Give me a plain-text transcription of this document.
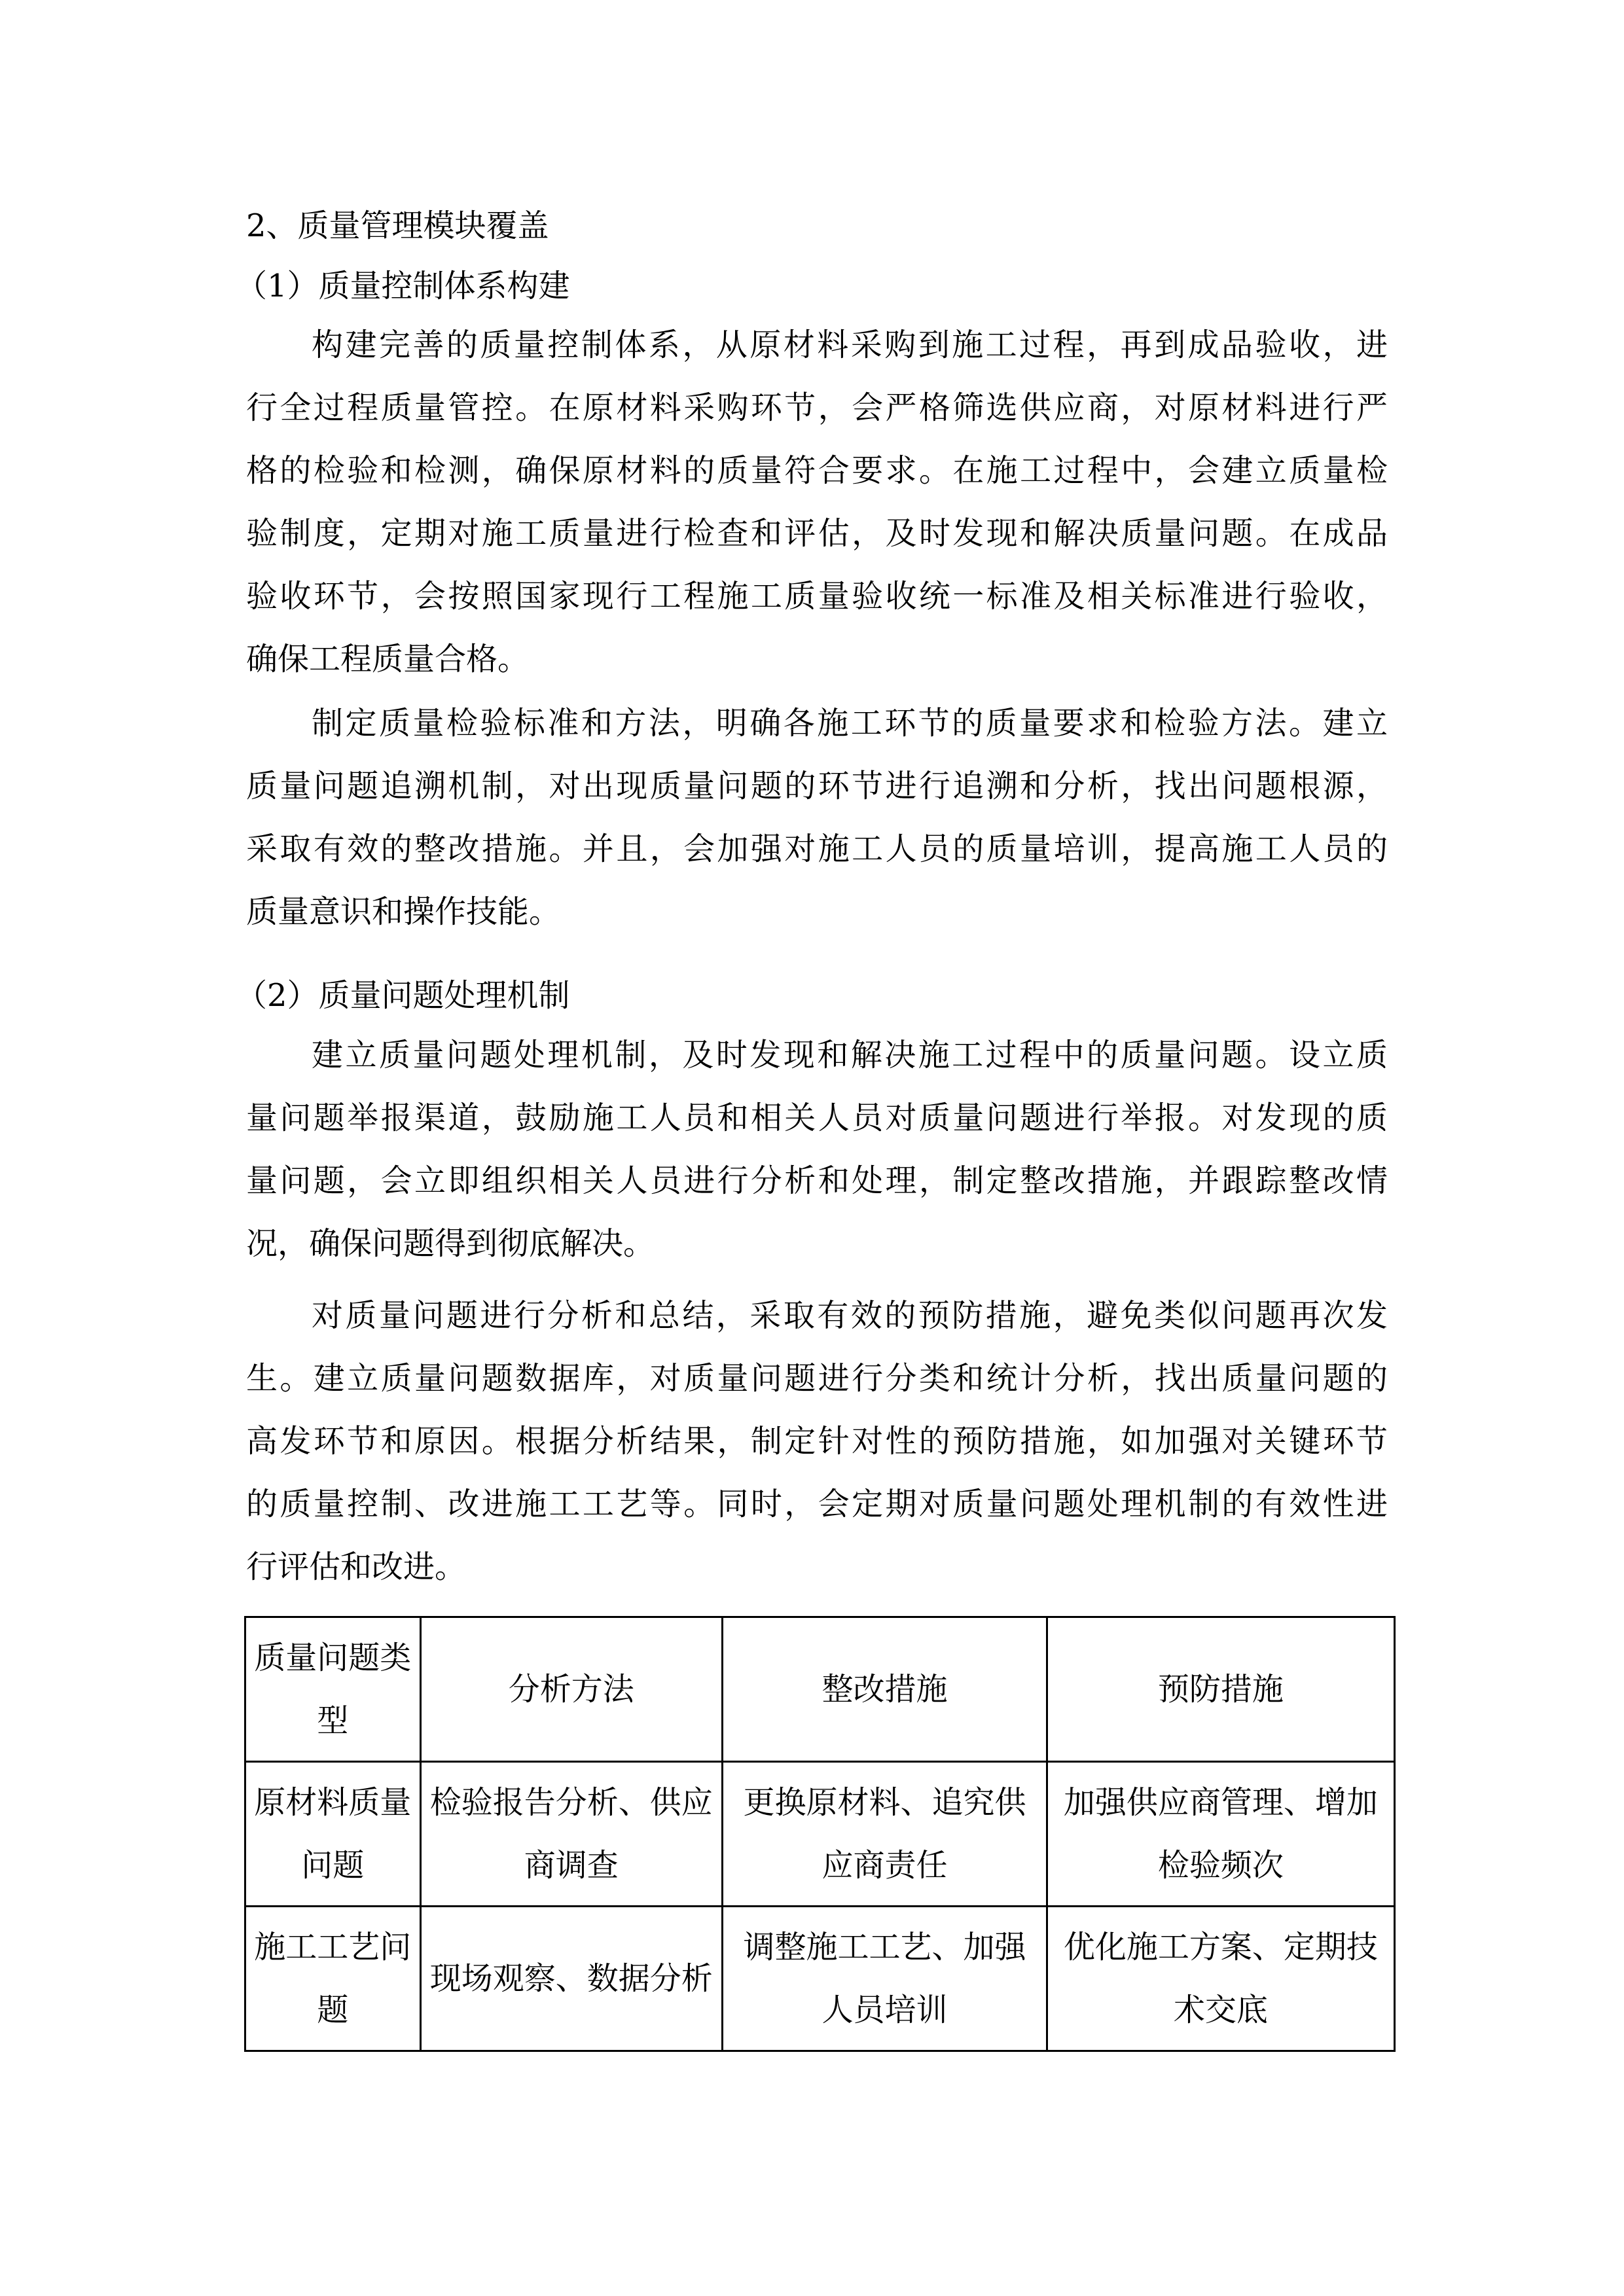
2、质量管理模块覆盖
（1）质量控制体系构建
构建完善的质量控制体系，从原材料采购到施工过程，再到成品验收，进
行全过程质量管控。在原材料采购环节，会严格筛选供应商，对原材料进行严
格的检验和检测，确保原材料的质量符合要求。在施工过程中，会建立质量检
验制度，定期对施工质量进行检查和评估，及时发现和解决质量问题。在成品
验收环节，会按照国家现行工程施工质量验收统一标准及相关标准进行验收，
确保工程质量合格。
制定质量检验标准和方法，明确各施工环节的质量要求和检验方法。建立
质量问题追溯机制，对出现质量问题的环节进行追溯和分析，找出问题根源，
采取有效的整改措施。并且，会加强对施工人员的质量培训，提高施工人员的
质量意识和操作技能。
（2）质量问题处理机制
建立质量问题处理机制，及时发现和解决施工过程中的质量问题。设立质
量问题举报渠道，鼓励施工人员和相关人员对质量问题进行举报。对发现的质
量问题，会立即组织相关人员进行分析和处理，制定整改措施，并跟踪整改情
况，确保问题得到彻底解决。
对质量问题进行分析和总结，采取有效的预防措施，避免类似问题再次发
生。建立质量问题数据库，对质量问题进行分类和统计分析，找出质量问题的
高发环节和原因。根据分析结果，制定针对性的预防措施，如加强对关键环节
的质量控制、改进施工工艺等。同时，会定期对质量问题处理机制的有效性进
行评估和改进。
质量问题类
型	分析方法	整改措施	预防措施

原材料质量
问题	检验报告分析、供应
商调查	更换原材料、追究供
应商责任	加强供应商管理、增加
检验频次

施工工艺问
题	现场观察、数据分析	调整施工工艺、加强
人员培训	优化施工方案、定期技
术交底
